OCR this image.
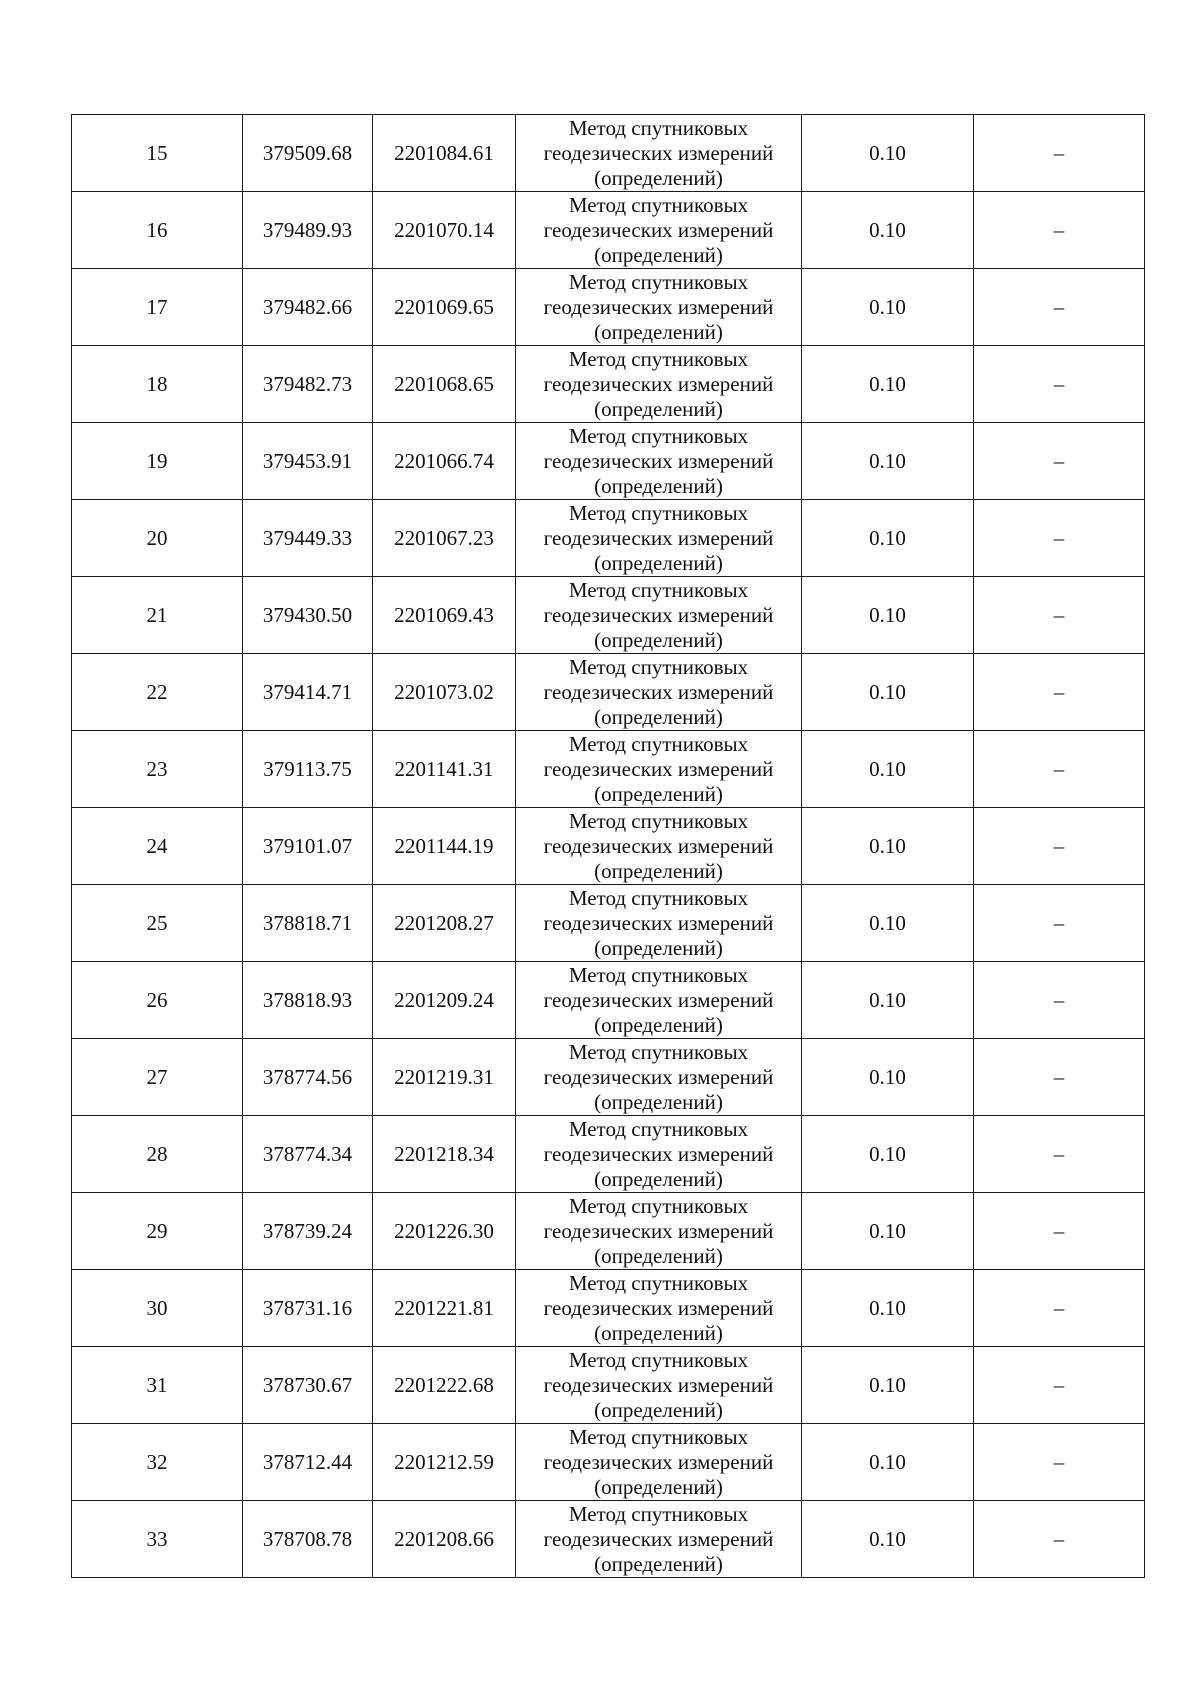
15	379509.68	2201084.61	Метод спутниковых
геодезических измерений
(определений)	0.10	–
16	379489.93	2201070.14	Метод спутниковых
геодезических измерений
(определений)	0.10	–
17	379482.66	2201069.65	Метод спутниковых
геодезических измерений
(определений)	0.10	–
18	379482.73	2201068.65	Метод спутниковых
геодезических измерений
(определений)	0.10	–
19	379453.91	2201066.74	Метод спутниковых
геодезических измерений
(определений)	0.10	–
20	379449.33	2201067.23	Метод спутниковых
геодезических измерений
(определений)	0.10	–
21	379430.50	2201069.43	Метод спутниковых
геодезических измерений
(определений)	0.10	–
22	379414.71	2201073.02	Метод спутниковых
геодезических измерений
(определений)	0.10	–
23	379113.75	2201141.31	Метод спутниковых
геодезических измерений
(определений)	0.10	–
24	379101.07	2201144.19	Метод спутниковых
геодезических измерений
(определений)	0.10	–
25	378818.71	2201208.27	Метод спутниковых
геодезических измерений
(определений)	0.10	–
26	378818.93	2201209.24	Метод спутниковых
геодезических измерений
(определений)	0.10	–
27	378774.56	2201219.31	Метод спутниковых
геодезических измерений
(определений)	0.10	–
28	378774.34	2201218.34	Метод спутниковых
геодезических измерений
(определений)	0.10	–
29	378739.24	2201226.30	Метод спутниковых
геодезических измерений
(определений)	0.10	–
30	378731.16	2201221.81	Метод спутниковых
геодезических измерений
(определений)	0.10	–
31	378730.67	2201222.68	Метод спутниковых
геодезических измерений
(определений)	0.10	–
32	378712.44	2201212.59	Метод спутниковых
геодезических измерений
(определений)	0.10	–
33	378708.78	2201208.66	Метод спутниковых
геодезических измерений
(определений)	0.10	–
